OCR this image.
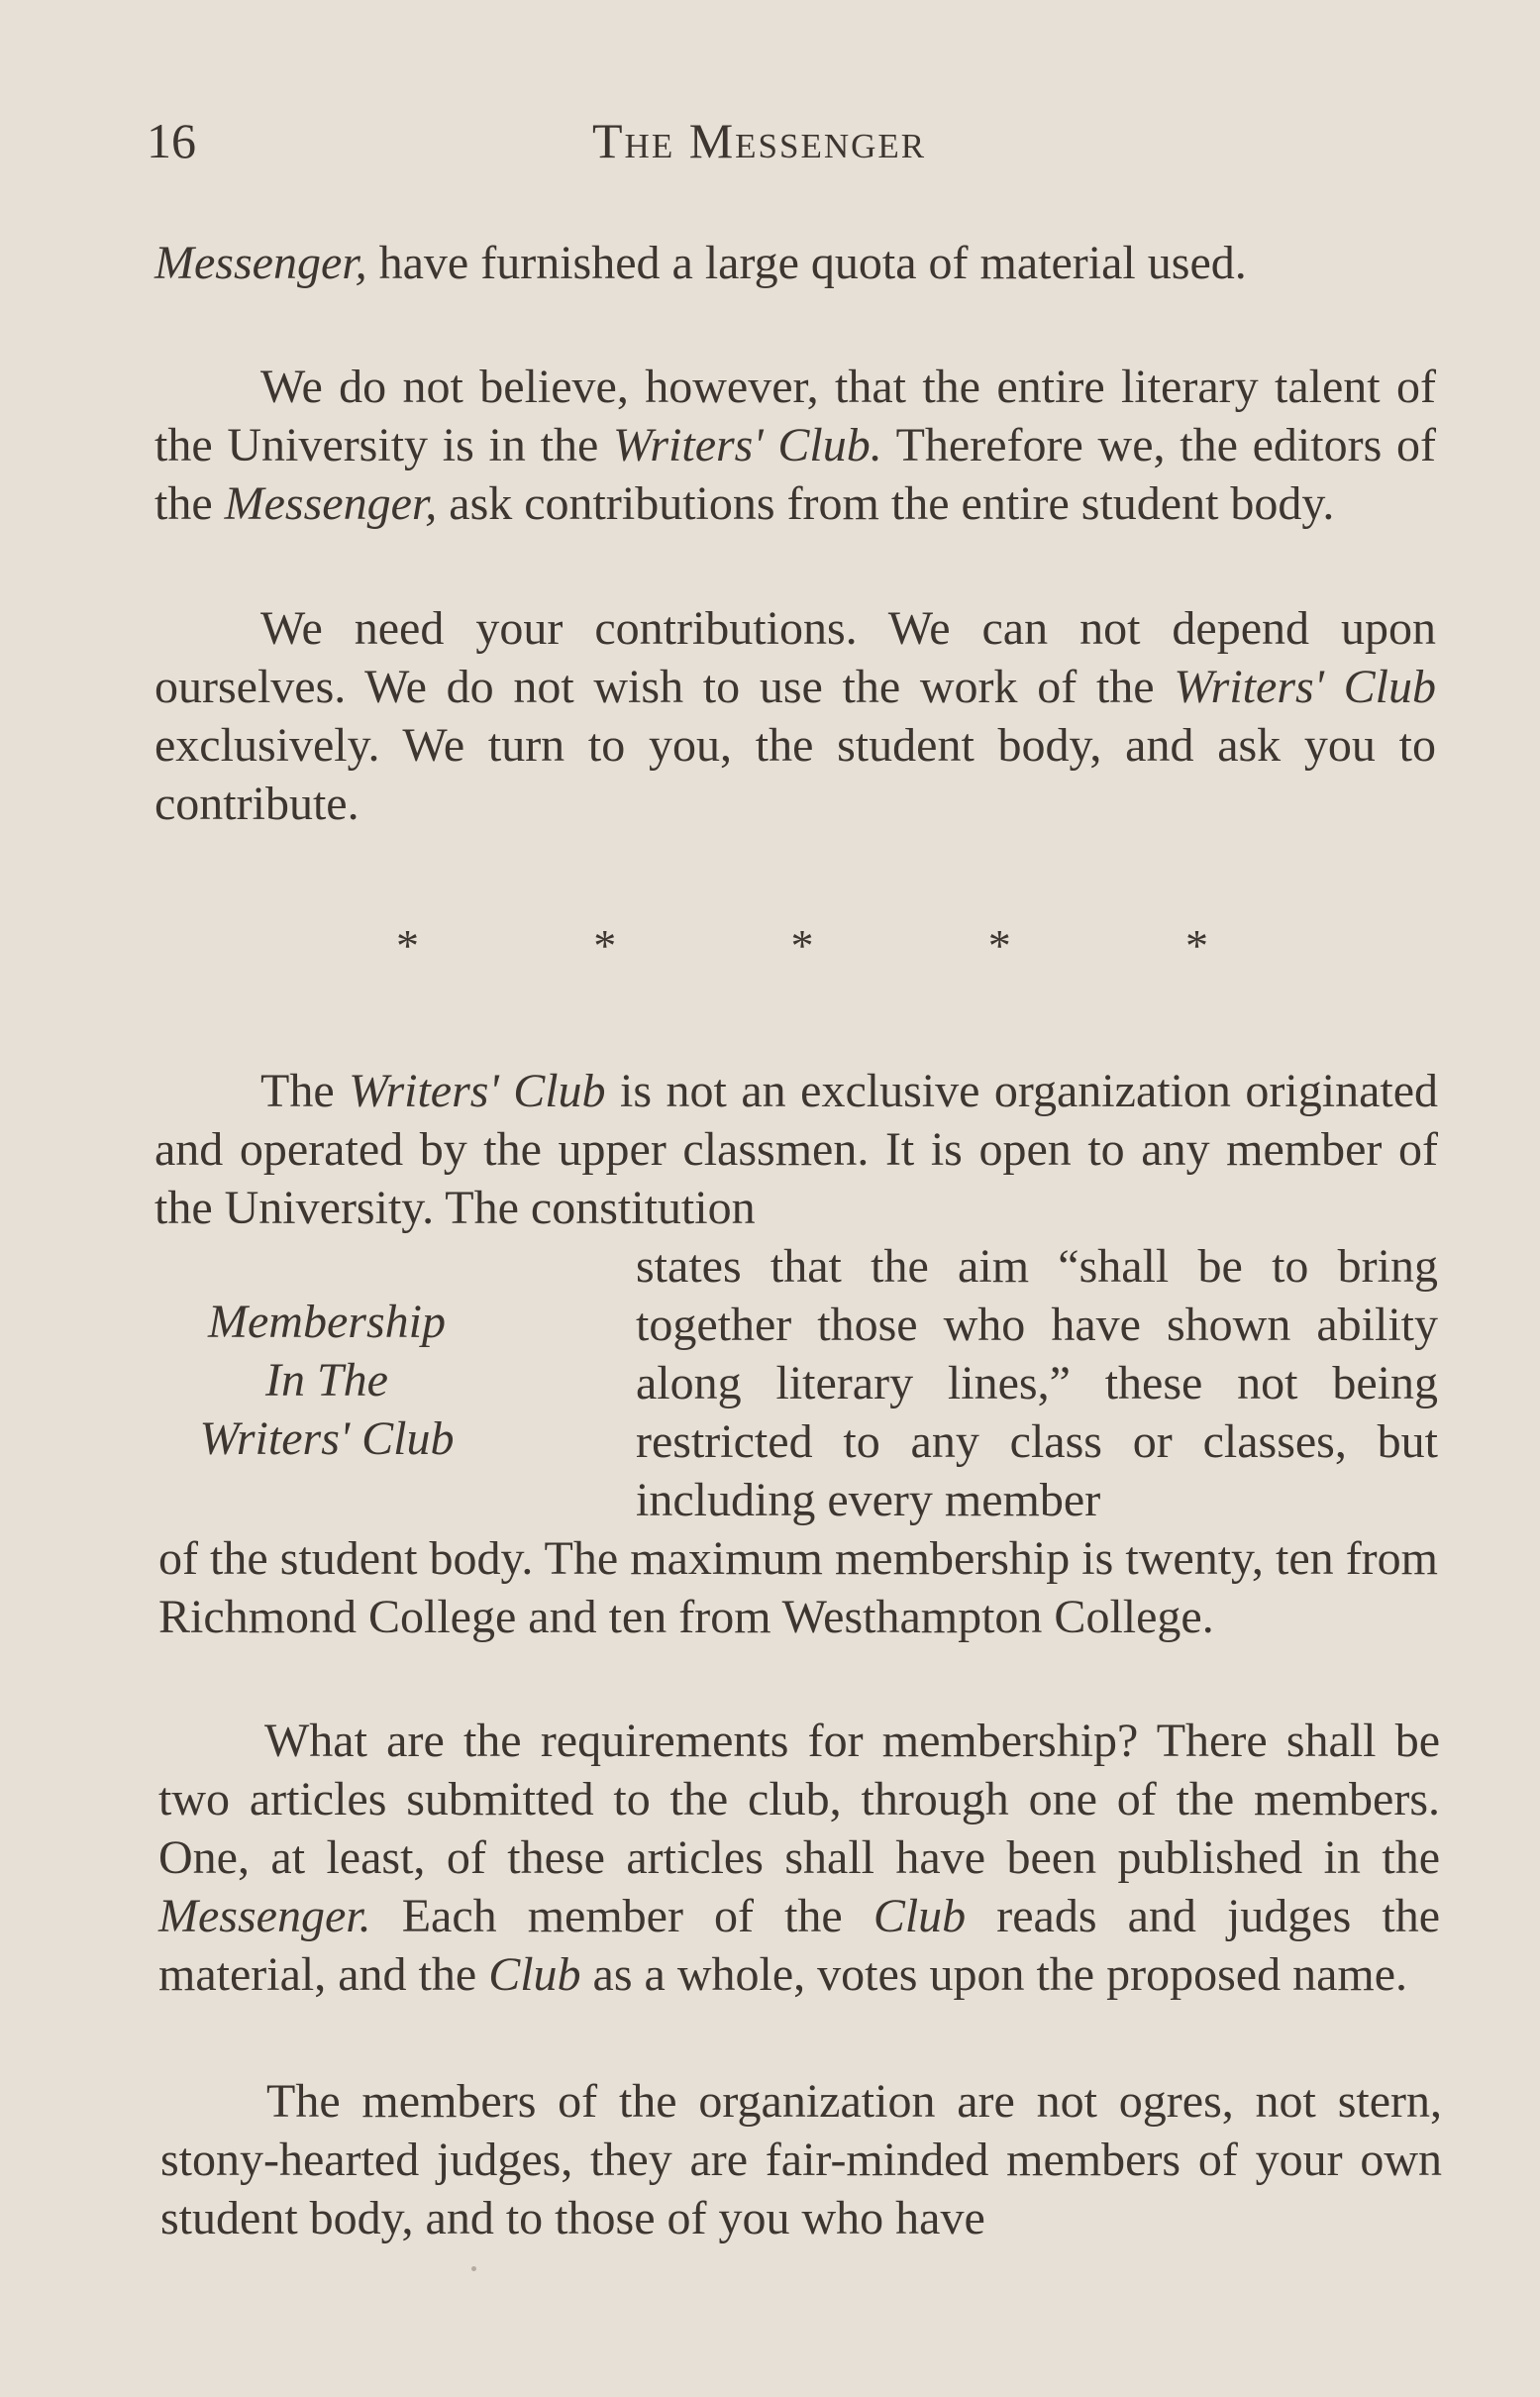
16	The Messenger

Messenger, have furnished a large quota of material used.

We do not believe, however, that the entire literary talent of the University is in the Writers' Club. Therefore we, the editors of the Messenger, ask contributions from the entire student body.

We need your contributions. We can not depend upon ourselves. We do not wish to use the work of the Writers' Club exclusively. We turn to you, the student body, and ask you to contribute.

*	*	*	*	*

The Writers' Club is not an exclusive organization originated and operated by the upper classmen. It is open to any member of the University. The constitution

Membership
In The
Writers' Club

states that the aim “shall be to bring together those who have shown ability along literary lines,” these not being restricted to any class or classes, but including every member

of the student body. The maximum membership is twenty, ten from Richmond College and ten from Westhampton College.

What are the requirements for membership? There shall be two articles submitted to the club, through one of the members. One, at least, of these articles shall have been published in the Messenger. Each member of the Club reads and judges the material, and the Club as a whole, votes upon the proposed name.

The members of the organization are not ogres, not stern, stony-hearted judges, they are fair-minded members of your own student body, and to those of you who have
